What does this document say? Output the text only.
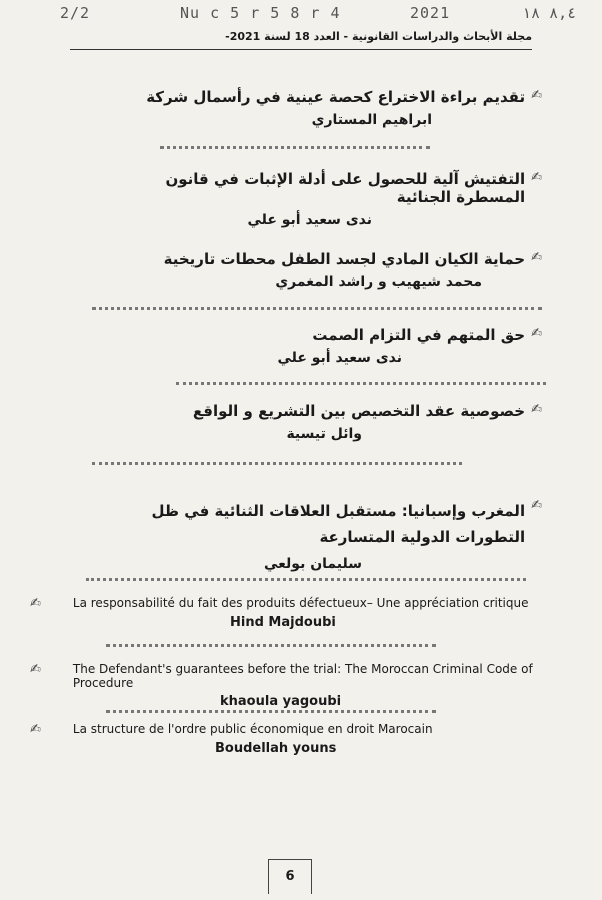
2/2	Nu c 5 r 5 8 r 4	2021	٨,٤ ١٨
مجلة الأبحاث والدراسات القانونية - العدد 18 لسنة 2021-
✍
تقديم براءة الاختراع كحصة عينية في رأسمال شركة
ابراهيم المستاري
✍
التفتيش آلية للحصول على أدلة الإثبات في قانون المسطرة الجنائية
ندى سعيد أبو علي
✍
حماية الكيان المادي لجسد الطفل محطات تاريخية
محمد شيهيب و راشد المغمري
✍
حق المتهم في التزام الصمت
ندى سعيد أبو علي
✍
خصوصية عقد التخصيص بين التشريع و الواقع
وائل تيسية
✍
المغرب وإسبانيا: مستقبل العلاقات الثنائية في ظل التطورات الدولية المتسارعة
سليمان بولعي
✍	La responsabilité du fait des produits défectueux– Une appréciation critique
Hind Majdoubi
✍	The Defendant's guarantees before the trial: The Moroccan Criminal Code of Procedure
khaoula yagoubi
✍	La structure de l'ordre public économique en droit Marocain
Boudellah youns
6
